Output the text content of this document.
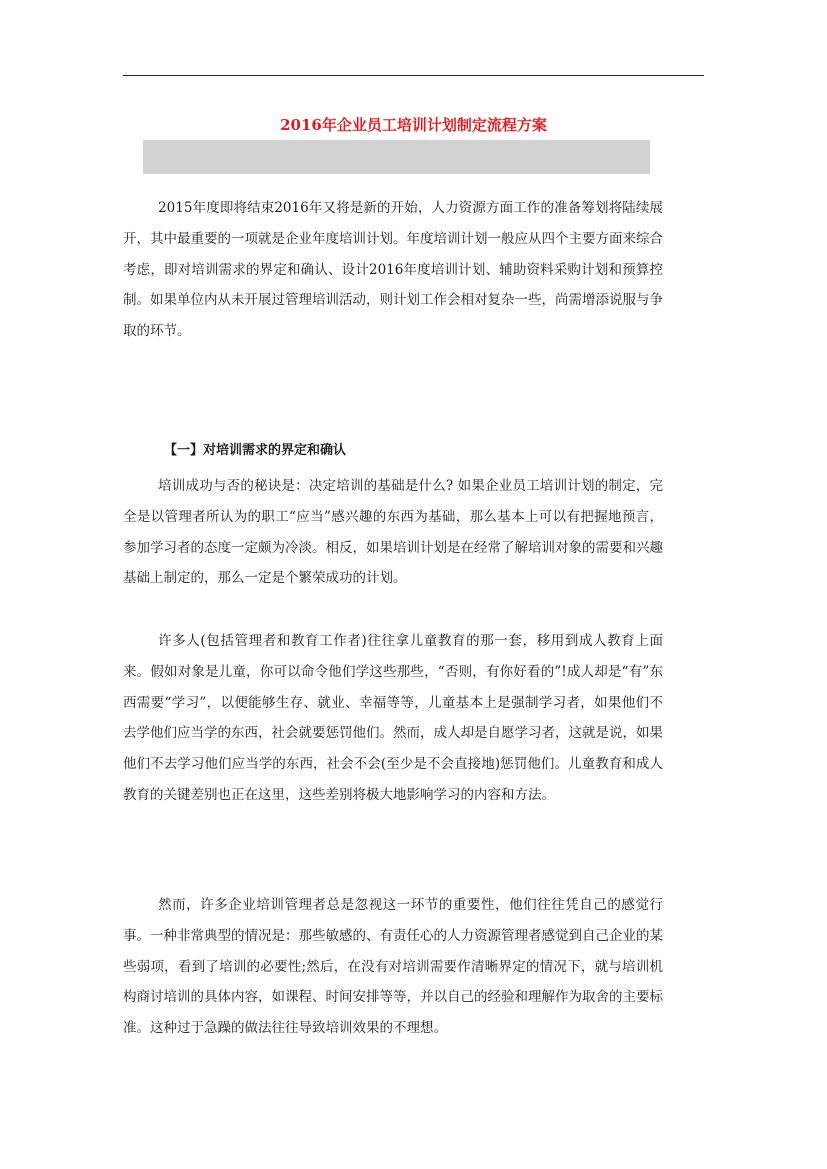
2016年企业员工培训计划制定流程方案

2015年度即将结束2016年又将是新的开始，人力资源方面工作的准备筹划将陆续展开，其中最重要的一项就是企业年度培训计划。年度培训计划一般应从四个主要方面来综合考虑，即对培训需求的界定和确认、设计2016年度培训计划、辅助资料采购计划和预算控制。如果单位内从未开展过管理培训活动，则计划工作会相对复杂一些，尚需增添说服与争取的环节。

【一】对培训需求的界定和确认

培训成功与否的秘诀是：决定培训的基础是什么? 如果企业员工培训计划的制定，完全是以管理者所认为的职工“应当”感兴趣的东西为基础，那么基本上可以有把握地预言，参加学习者的态度一定颇为冷淡。相反，如果培训计划是在经常了解培训对象的需要和兴趣基础上制定的，那么一定是个繁荣成功的计划。

许多人(包括管理者和教育工作者)往往拿儿童教育的那一套，移用到成人教育上面来。假如对象是儿童，你可以命令他们学这些那些，“否则，有你好看的”!成人却是“有”东西需要“学习”，以便能够生存、就业、幸福等等，儿童基本上是强制学习者，如果他们不去学他们应当学的东西，社会就要惩罚他们。然而，成人却是自愿学习者，这就是说，如果他们不去学习他们应当学的东西，社会不会(至少是不会直接地)惩罚他们。儿童教育和成人教育的关键差别也正在这里，这些差别将极大地影响学习的内容和方法。

然而，许多企业培训管理者总是忽视这一环节的重要性，他们往往凭自己的感觉行事。一种非常典型的情况是：那些敏感的、有责任心的人力资源管理者感觉到自己企业的某些弱项，看到了培训的必要性;然后，在没有对培训需要作清晰界定的情况下，就与培训机构商讨培训的具体内容，如课程、时间安排等等，并以自己的经验和理解作为取舍的主要标准。这种过于急躁的做法往往导致培训效果的不理想。
